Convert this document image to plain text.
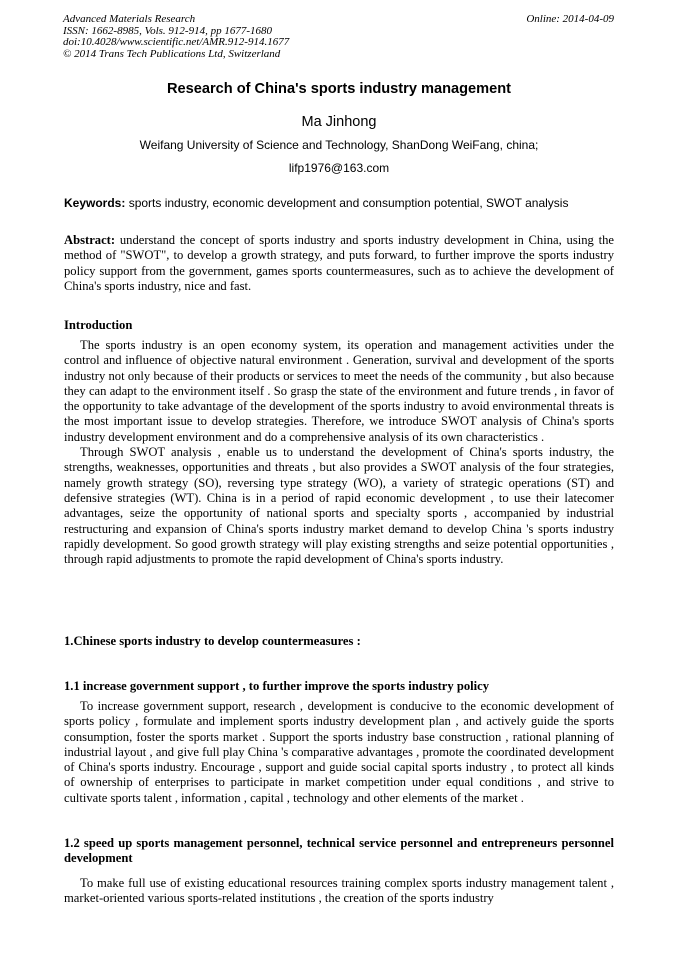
Advanced Materials Research
ISSN: 1662-8985, Vols. 912-914, pp 1677-1680
doi:10.4028/www.scientific.net/AMR.912-914.1677
© 2014 Trans Tech Publications Ltd, Switzerland
Online: 2014-04-09
Research of China's sports industry management
Ma Jinhong
Weifang University of Science and Technology, ShanDong WeiFang, china;
lifp1976@163.com
Keywords: sports industry, economic development and consumption potential, SWOT analysis

Abstract: understand the concept of sports industry and sports industry development in China, using the method of "SWOT", to develop a growth strategy, and puts forward, to further improve the sports industry policy support from the government, games sports countermeasures, such as to achieve the development of China's sports industry, nice and fast.

Introduction

The sports industry is an open economy system, its operation and management activities under the control and influence of objective natural environment . Generation, survival and development of the sports industry not only because of their products or services to meet the needs of the community , but also because they can adapt to the environment itself . So grasp the state of the environment and future trends , in favor of the opportunity to take advantage of the development of the sports industry to avoid environmental threats is the most important issue to develop strategies. Therefore, we introduce SWOT analysis of China's sports industry development environment and do a comprehensive analysis of its own characteristics .

Through SWOT analysis , enable us to understand the development of China's sports industry, the strengths, weaknesses, opportunities and threats , but also provides a SWOT analysis of the four strategies, namely growth strategy (SO), reversing type strategy (WO), a variety of strategic operations (ST) and defensive strategies (WT). China is in a period of rapid economic development , to use their latecomer advantages, seize the opportunity of national sports and specialty sports , accompanied by industrial restructuring and expansion of China's sports industry market demand to develop China 's sports industry rapidly development. So good growth strategy will play existing strengths and seize potential opportunities , through rapid adjustments to promote the rapid development of China's sports industry.

1.Chinese sports industry to develop countermeasures :
1.1 increase government support , to further improve the sports industry policy

To increase government support, research , development is conducive to the economic development of sports policy , formulate and implement sports industry development plan , and actively guide the sports consumption, foster the sports market . Support the sports industry base construction , rational planning of industrial layout , and give full play China 's comparative advantages , promote the coordinated development of China's sports industry. Encourage , support and guide social capital sports industry , to protect all kinds of ownership of enterprises to participate in market competition under equal conditions , and strive to cultivate sports talent , information , capital , technology and other elements of the market .

1.2 speed up sports management personnel, technical service personnel and entrepreneurs personnel development

To make full use of existing educational resources training complex sports industry management talent , market-oriented various sports-related institutions , the creation of the sports industry
